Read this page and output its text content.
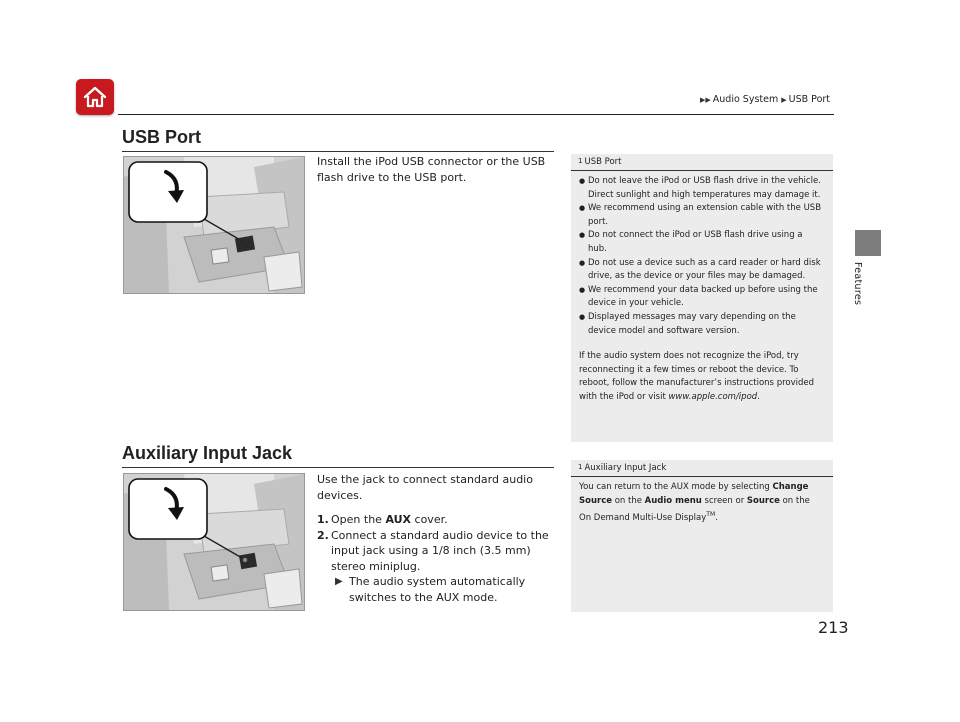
▶▶ Audio System ▶ USB Port
Features
USB Port
Install the iPod USB connector or the USB flash drive to the USB port.
$^1$ USB Port
● Do not leave the iPod or USB flash drive in the vehicle. Direct sunlight and high temperatures may damage it.
● We recommend using an extension cable with the USB port.
● Do not connect the iPod or USB flash drive using a hub.
● Do not use a device such as a card reader or hard disk drive, as the device or your files may be damaged.
● We recommend your data backed up before using the device in your vehicle.
● Displayed messages may vary depending on the device model and software version.
If the audio system does not recognize the iPod, try reconnecting it a few times or reboot the device. To reboot, follow the manufacturer’s instructions provided with the iPod or visit www.apple.com/ipod.
Auxiliary Input Jack

Use the jack to connect standard audio devices.

1. Open the AUX cover.
2. Connect a standard audio device to the input jack using a 1/8 inch (3.5 mm) stereo miniplug.
▶ The audio system automatically switches to the AUX mode.
$^1$ Auxiliary Input Jack
You can return to the AUX mode by selecting Change Source on the Audio menu screen or Source on the On Demand Multi-Use Display™.
213
